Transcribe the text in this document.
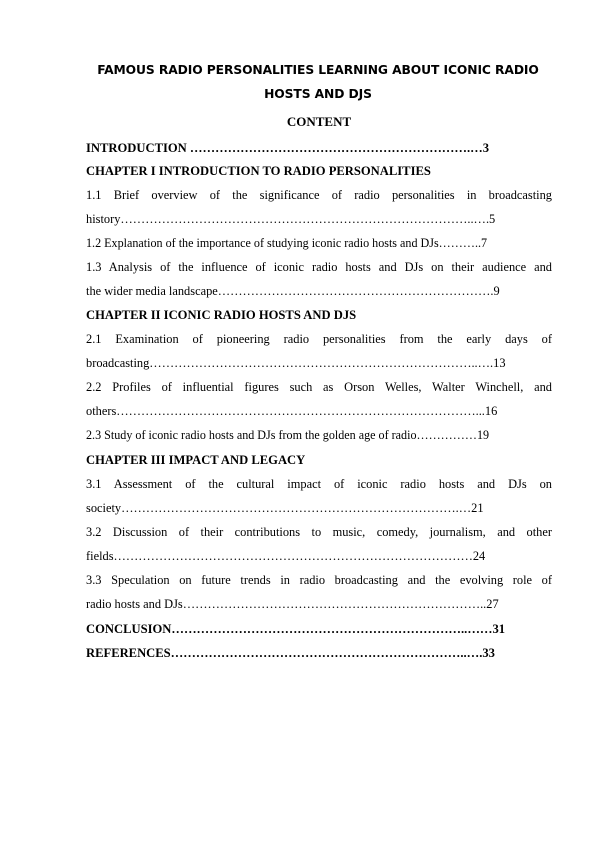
FAMOUS RADIO PERSONALITIES LEARNING ABOUT ICONIC RADIO
HOSTS AND DJS
CONTENT

INTRODUCTION ………………………………………………………….…3

CHAPTER I INTRODUCTION TO RADIO PERSONALITIES

1.1 Brief overview of the significance of radio personalities in broadcasting

history…………………………………………………………………………..….5

1.2 Explanation of the importance of studying iconic radio hosts and DJs………..7

1.3 Analysis of the influence of iconic radio hosts and DJs on their audience and

the wider media landscape………………………………………………………….9

CHAPTER II ICONIC RADIO HOSTS AND DJS

2.1 Examination of pioneering radio personalities from the early days of

broadcasting……………………………………………………………………..….13

2.2 Profiles of influential figures such as Orson Welles, Walter Winchell, and

others……………………………………………………………………………...16

2.3 Study of iconic radio hosts and DJs from the golden age of radio……………19

CHAPTER III IMPACT AND LEGACY

3.1 Assessment of the cultural impact of iconic radio hosts and DJs on

society……………………………………………………………………….…21

3.2 Discussion of their contributions to music, comedy, journalism, and other

fields……………………………………………………………………………24

3.3 Speculation on future trends in radio broadcasting and the evolving role of

radio hosts and DJs………………………………………………………………..27

CONCLUSION……………………………………………………………..……31

REFERENCES……………………………………………………………..….33
